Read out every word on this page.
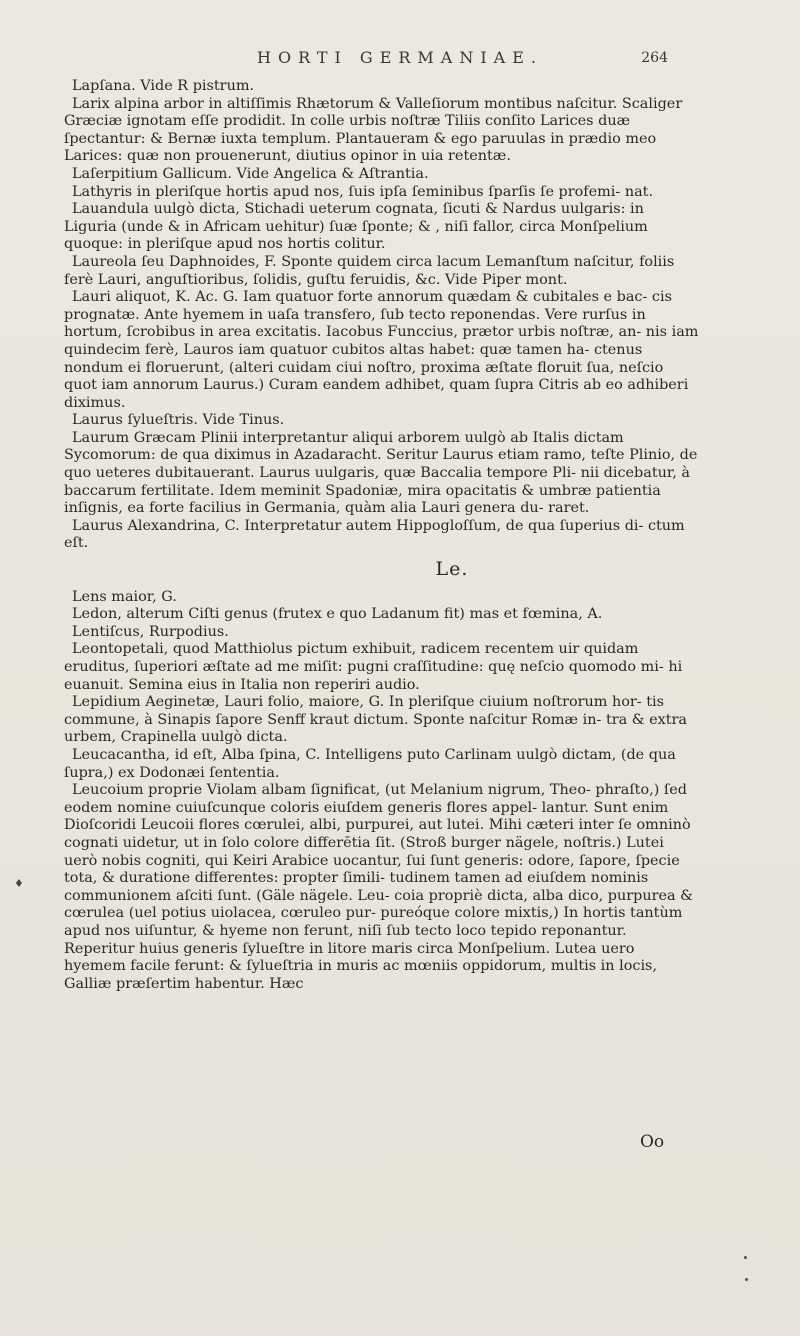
HORTI GERMANIAE.	264

Lapſana. Vide R pistrum.

Larix alpina arbor in altiſſimis Rhætorum & Valleſiorum montibus naſcitur. Scaliger Græciæ ignotam eſſe prodidit. In colle urbis noſtræ Tiliis conſito Larices duæ ſpectantur: & Bernæ iuxta templum. Plantaueram & ego paruulas in prædio meo Larices: quæ non prouenerunt, diutius opinor in uia retentæ.

Laſerpitium Gallicum. Vide Angelica & Aſtrantia.

Lathyris in pleriſque hortis apud nos, ſuis ipſa ſeminibus ſparſis ſe profemi- nat.

Lauandula uulgò dicta, Stichadi ueterum cognata, ſicuti & Nardus uulgaris: in Liguria (unde & in Africam uehitur) ſuæ ſponte; & , niſi fallor, circa Monſpelium quoque: in pleriſque apud nos hortis colitur.

Laureola ſeu Daphnoides, F. Sponte quidem circa lacum Lemanſtum naſcitur, foliis ferè Lauri, anguſtioribus, ſolidis, guſtu feruidis, &c. Vide Piper mont.

Lauri aliquot, K. Ac. G. Iam quatuor forte annorum quædam & cubitales e bac- cis prognatæ. Ante hyemem in uaſa transfero, ſub tecto reponendas. Vere rurſus in hortum, ſcrobibus in area excitatis. Iacobus Funccius, prætor urbis noſtræ, an- nis iam quindecim ferè, Lauros iam quatuor cubitos altas habet: quæ tamen ha- ctenus nondum ei floruerunt, (alteri cuidam ciui noſtro, proxima æſtate floruit ſua, neſcio quot iam annorum Laurus.) Curam eandem adhibet, quam ſupra Citris ab eo adhiberi diximus.

Laurus ſylueſtris. Vide Tinus.

Laurum Græcam Plinii interpretantur aliqui arborem uulgò ab Italis dictam Sycomorum: de qua diximus in Azadaracht. Seritur Laurus etiam ramo, teſte Plinio, de quo ueteres dubitauerant. Laurus uulgaris, quæ Baccalia tempore Pli- nii dicebatur, à baccarum fertilitate. Idem meminit Spadoniæ, mira opacitatis & umbræ patientia inſignis, ea forte facilius in Germania, quàm alia Lauri genera du- raret.

Laurus Alexandrina, C. Interpretatur autem Hippogloſſum, de qua ſuperius di- ctum eſt.

Le.

Lens maior, G.

Ledon, alterum Ciſti genus (frutex e quo Ladanum fit) mas et fœmina, A.

Lentiſcus, Rurpodius.

Leontopetali, quod Matthiolus pictum exhibuit, radicem recentem uir quidam eruditus, ſuperiori æſtate ad me miſit: pugni craſſitudine: quę neſcio quomodo mi- hi euanuit. Semina eius in Italia non reperiri audio.

Lepidium Aeginetæ, Lauri folio, maiore, G. In pleriſque ciuium noſtrorum hor- tis commune, à Sinapis ſapore Senff kraut dictum. Sponte naſcitur Romæ in- tra & extra urbem, Crapinella uulgò dicta.

Leucacantha, id eſt, Alba ſpina, C. Intelligens puto Carlinam uulgò dictam, (de qua ſupra,) ex Dodonæi ſententia.

Leucoium proprie Violam albam ſignificat, (ut Melanium nigrum, Theo- phraſto,) ſed eodem nomine cuiuſcunque coloris eiuſdem generis flores appel- lantur. Sunt enim Dioſcoridi Leucoii flores cœrulei, albi, purpurei, aut lutei. Mihi cæteri inter ſe omninò cognati uidetur, ut in ſolo colore differētia ſit. (Stroß burger nägele, noſtris.) Lutei uerò nobis cogniti, qui Keiri Arabice uocantur, ſui ſunt generis: odore, ſapore, ſpecie tota, & duratione differentes: propter ſimili- tudinem tamen ad eiuſdem nominis communionem aſciti ſunt. (Gäle nägele. Leu- coia propriè dicta, alba dico, purpurea & cœrulea (uel potius uiolacea, cœruleo pur- pureóque colore mixtis,) In hortis tantùm apud nos uiſuntur, & hyeme non ferunt, niſi ſub tecto loco tepido reponantur. Reperitur huius generis ſylueſtre in litore maris circa Monſpelium. Lutea uero hyemem facile ferunt: & ſylueſtria in muris ac mœniis oppidorum, multis in locis, Galliæ præſertim habentur. Hæc

Oo
♦
